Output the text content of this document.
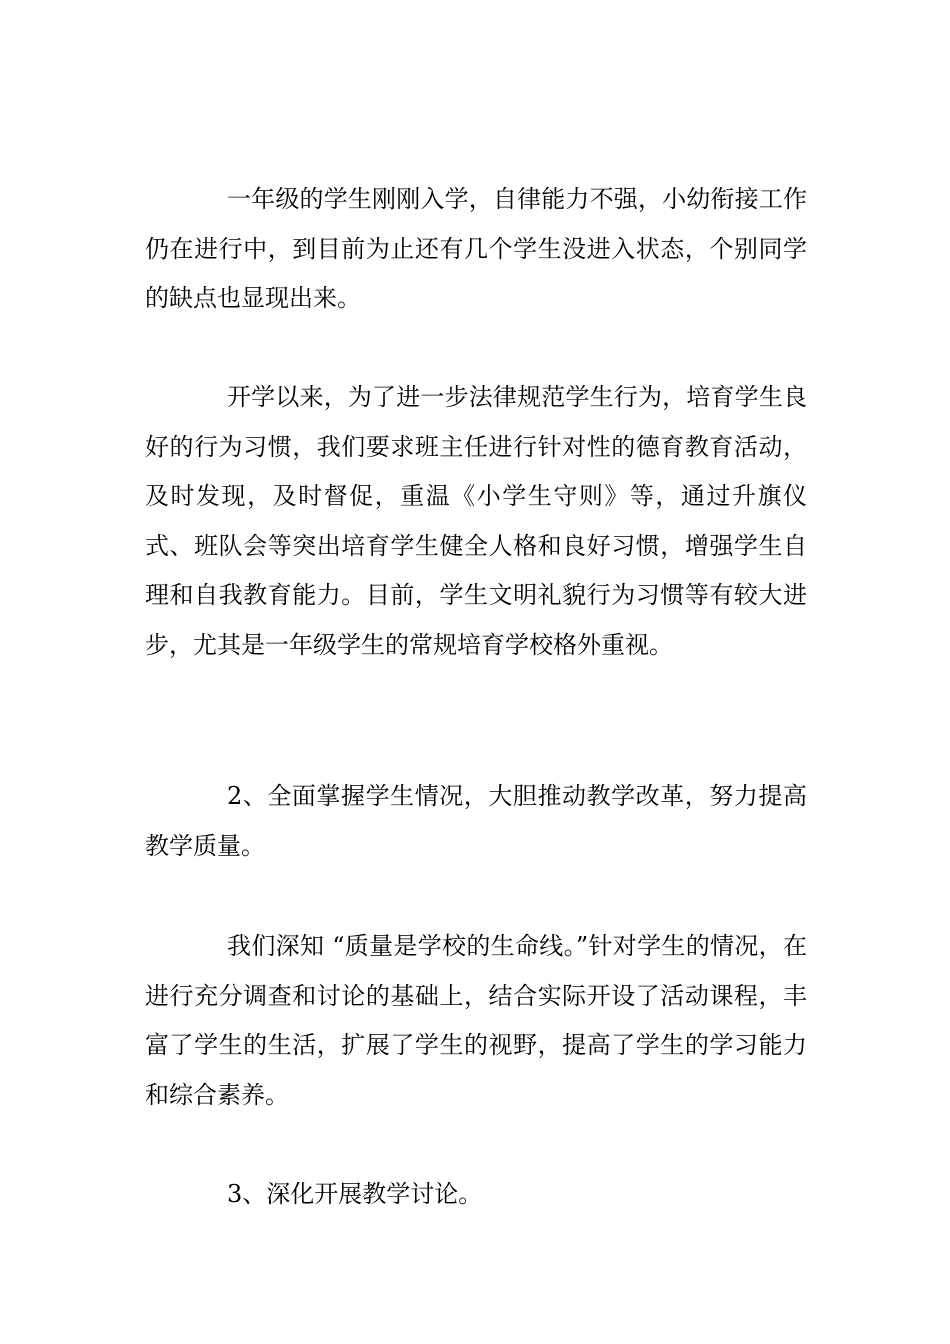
一年级的学生刚刚入学，自律能力不强，小幼衔接工作仍在进行中，到目前为止还有几个学生没进入状态，个别同学的缺点也显现出来。

开学以来，为了进一步法律规范学生行为，培育学生良好的行为习惯，我们要求班主任进行针对性的德育教育活动，及时发现，及时督促，重温《小学生守则》等，通过升旗仪式、班队会等突出培育学生健全人格和良好习惯，增强学生自理和自我教育能力。目前，学生文明礼貌行为习惯等有较大进步，尤其是一年级学生的常规培育学校格外重视。

2、全面掌握学生情况，大胆推动教学改革，努力提高教学质量。

我们深知 “质量是学校的生命线。”针对学生的情况，在进行充分调查和讨论的基础上，结合实际开设了活动课程，丰富了学生的生活，扩展了学生的视野，提高了学生的学习能力和综合素养。

3、深化开展教学讨论。
